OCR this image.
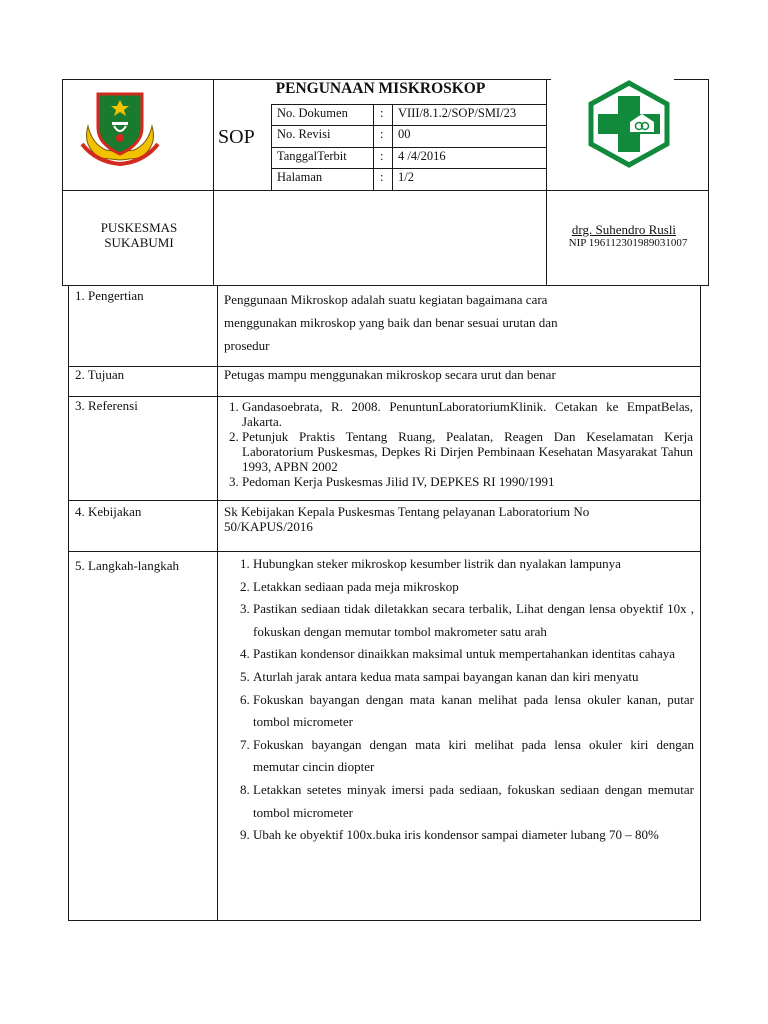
PENGUNAAN MISKROSKOP
SOP
No. Dokumen	: VIII/8.1.2/SOP/SMI/23
No. Revisi	: 00
TanggalTerbit	: 4 /4/2016
Halaman	: 1/2
PUSKESMAS
SUKABUMI
drg. Suhendro Rusli
NIP 196112301989031007
1. Pengertian	Penggunaan Mikroskop adalah suatu kegiatan bagaimana cara
menggunakan mikroskop yang baik dan benar sesuai urutan dan
prosedur
2. Tujuan	Petugas mampu menggunakan mikroskop secara urut dan benar
3. Referensi	1. Gandasoebrata, R. 2008. PenuntunLaboratoriumKlinik. Cetakan ke EmpatBelas, Jakarta.
2. Petunjuk Praktis Tentang Ruang, Pealatan, Reagen Dan Keselamatan Kerja Laboratorium Puskesmas, Depkes Ri Dirjen Pembinaan Kesehatan Masyarakat Tahun 1993, APBN 2002
3. Pedoman Kerja Puskesmas Jilid IV, DEPKES RI 1990/1991
4. Kebijakan	Sk Kebijakan Kepala Puskesmas Tentang pelayanan Laboratorium No
50/KAPUS/2016
5. Langkah-langkah	1. Hubungkan steker mikroskop kesumber listrik dan nyalakan lampunya
2. Letakkan sediaan pada meja mikroskop
3. Pastikan sediaan tidak diletakkan secara terbalik, Lihat dengan lensa obyektif 10x , fokuskan dengan memutar tombol makrometer satu arah
4. Pastikan kondensor dinaikkan maksimal untuk mempertahankan identitas cahaya
5. Aturlah jarak antara kedua mata sampai bayangan kanan dan kiri menyatu
6. Fokuskan bayangan dengan mata kanan melihat pada lensa okuler kanan, putar tombol micrometer
7. Fokuskan bayangan dengan mata kiri melihat pada lensa okuler kiri dengan memutar cincin diopter
8. Letakkan setetes minyak imersi pada sediaan, fokuskan sediaan dengan memutar tombol micrometer
9. Ubah ke obyektif 100x.buka iris kondensor sampai diameter lubang 70 – 80%
